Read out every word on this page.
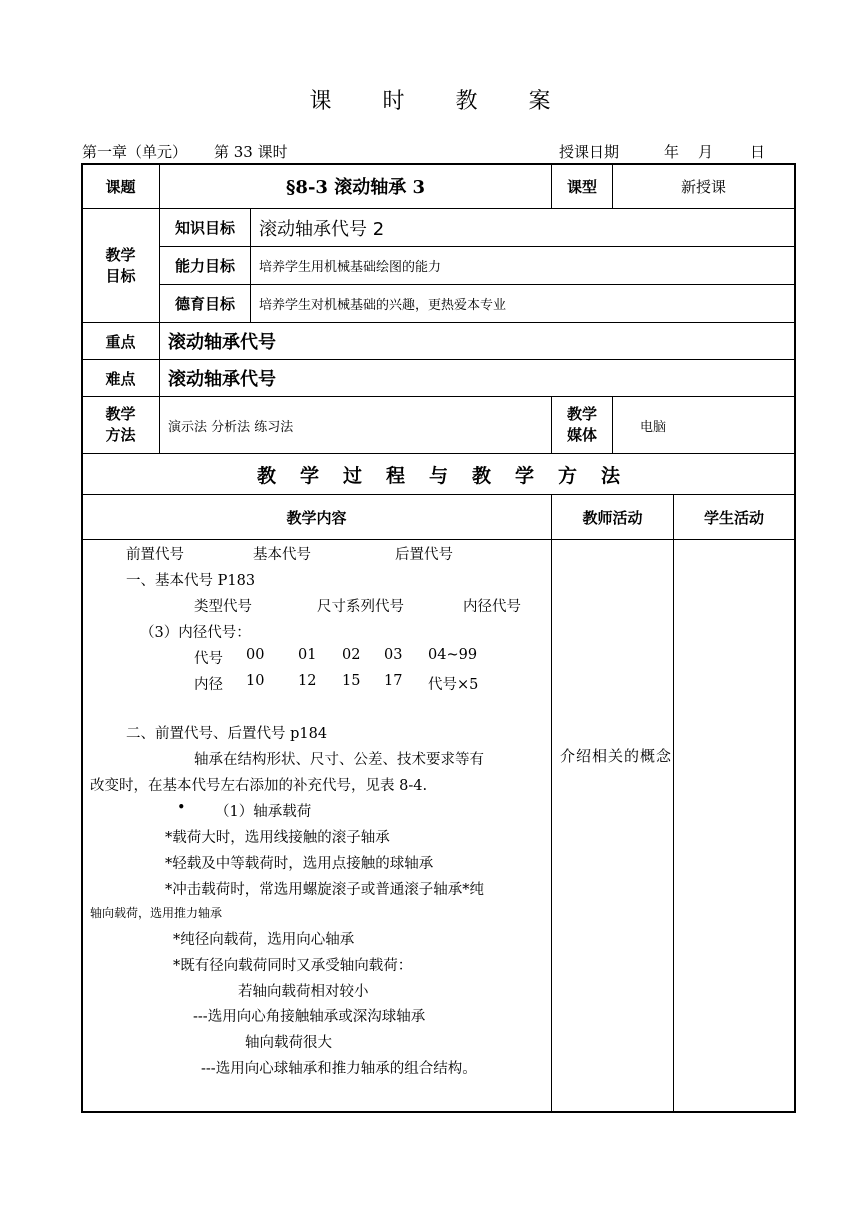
课 时 教 案
第一章（单元） 第 33 课时	授课日期	年 月 日
课题	§8-3 滚动轴承 3	课型	新授课
教学
目标
知识目标	滚动轴承代号 2
能力目标	培养学生用机械基础绘图的能力
德育目标	培养学生对机械基础的兴趣，更热爱本专业
重点	滚动轴承代号
难点	滚动轴承代号
教学
方法	演示法 分析法 练习法
教学
媒体	电脑
教学过程与教学方法
教学内容	教师活动	学生活动
介绍相关的概念
前置代号	基本代号	后置代号
一、基本代号 P183
类型代号	尺寸系列代号	内径代号
（3）内径代号：
代号 00 01 02 03 04~99
内径 10 12 15 17 代号×5
二、前置代号、后置代号 p184
轴承在结构形状、尺寸、公差、技术要求等有
改变时，在基本代号左右添加的补充代号，见表 8-4.
• （1）轴承载荷
*载荷大时，选用线接触的滚子轴承
*轻载及中等载荷时，选用点接触的球轴承
*冲击载荷时，常选用螺旋滚子或普通滚子轴承*纯
轴向载荷，选用推力轴承
*纯径向载荷，选用向心轴承
*既有径向载荷同时又承受轴向载荷：
若轴向载荷相对较小
---选用向心角接触轴承或深沟球轴承
轴向载荷很大
---选用向心球轴承和推力轴承的组合结构。
